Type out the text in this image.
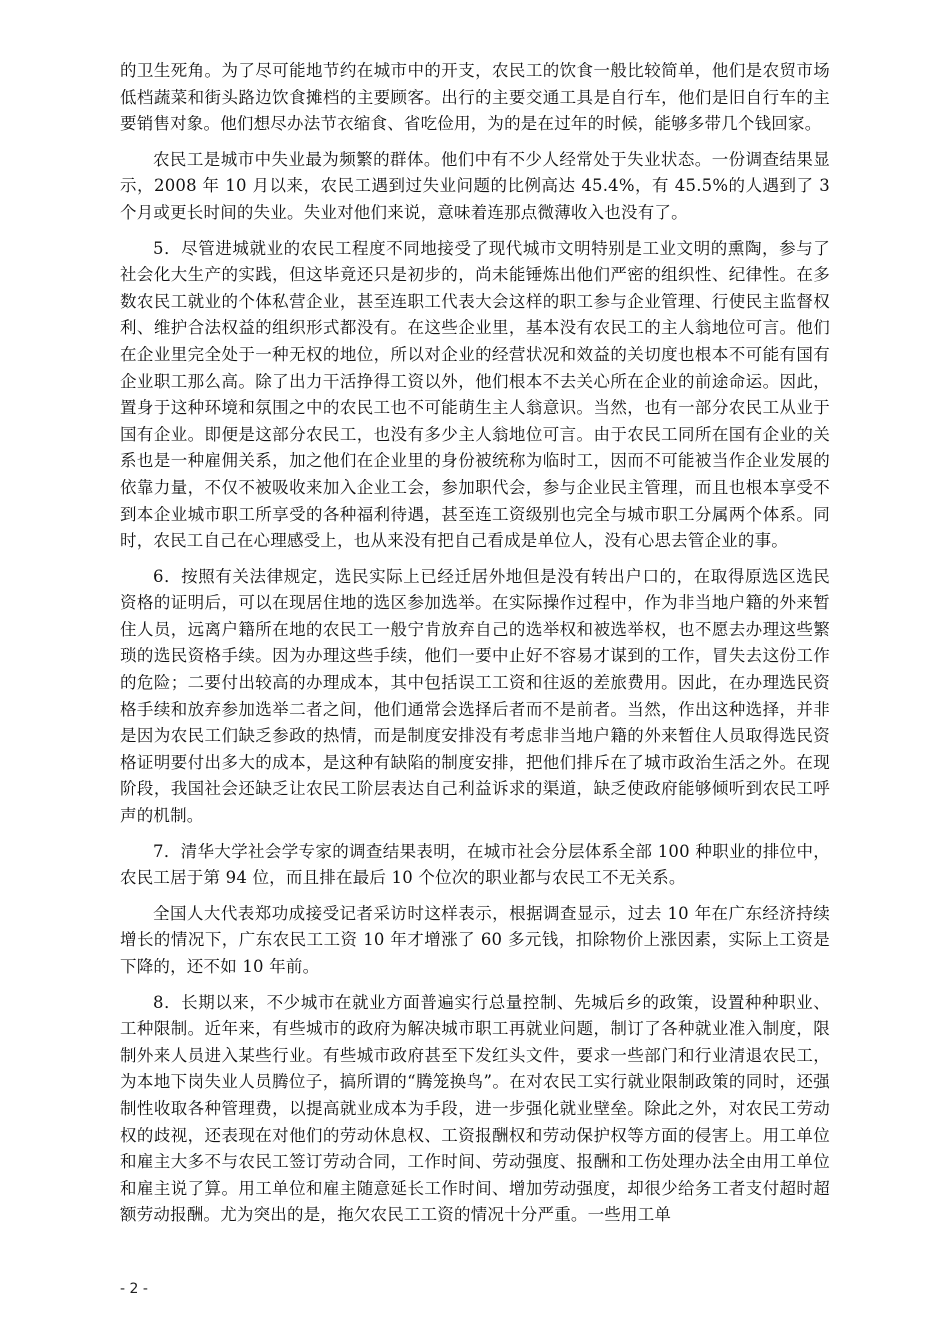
的卫生死角。为了尽可能地节约在城市中的开支，农民工的饮食一般比较简单，他们是农贸市场低档蔬菜和街头路边饮食摊档的主要顾客。出行的主要交通工具是自行车，他们是旧自行车的主要销售对象。他们想尽办法节衣缩食、省吃俭用，为的是在过年的时候，能够多带几个钱回家。

农民工是城市中失业最为频繁的群体。他们中有不少人经常处于失业状态。一份调查结果显示，2008 年 10 月以来，农民工遇到过失业问题的比例高达 45.4%，有 45.5%的人遇到了 3 个月或更长时间的失业。失业对他们来说，意味着连那点微薄收入也没有了。

5．尽管进城就业的农民工程度不同地接受了现代城市文明特别是工业文明的熏陶，参与了社会化大生产的实践，但这毕竟还只是初步的，尚未能锤炼出他们严密的组织性、纪律性。在多数农民工就业的个体私营企业，甚至连职工代表大会这样的职工参与企业管理、行使民主监督权利、维护合法权益的组织形式都没有。在这些企业里，基本没有农民工的主人翁地位可言。他们在企业里完全处于一种无权的地位，所以对企业的经营状况和效益的关切度也根本不可能有国有企业职工那么高。除了出力干活挣得工资以外，他们根本不去关心所在企业的前途命运。因此，置身于这种环境和氛围之中的农民工也不可能萌生主人翁意识。当然，也有一部分农民工从业于国有企业。即便是这部分农民工，也没有多少主人翁地位可言。由于农民工同所在国有企业的关系也是一种雇佣关系，加之他们在企业里的身份被统称为临时工，因而不可能被当作企业发展的依靠力量，不仅不被吸收来加入企业工会，参加职代会，参与企业民主管理，而且也根本享受不到本企业城市职工所享受的各种福利待遇，甚至连工资级别也完全与城市职工分属两个体系。同时，农民工自己在心理感受上，也从来没有把自己看成是单位人，没有心思去管企业的事。

6．按照有关法律规定，选民实际上已经迁居外地但是没有转出户口的，在取得原选区选民资格的证明后，可以在现居住地的选区参加选举。在实际操作过程中，作为非当地户籍的外来暂住人员，远离户籍所在地的农民工一般宁肯放弃自己的选举权和被选举权，也不愿去办理这些繁琐的选民资格手续。因为办理这些手续，他们一要中止好不容易才谋到的工作，冒失去这份工作的危险；二要付出较高的办理成本，其中包括误工工资和往返的差旅费用。因此，在办理选民资格手续和放弃参加选举二者之间，他们通常会选择后者而不是前者。当然，作出这种选择，并非是因为农民工们缺乏参政的热情，而是制度安排没有考虑非当地户籍的外来暂住人员取得选民资格证明要付出多大的成本，是这种有缺陷的制度安排，把他们排斥在了城市政治生活之外。在现阶段，我国社会还缺乏让农民工阶层表达自己利益诉求的渠道，缺乏使政府能够倾听到农民工呼声的机制。

7．清华大学社会学专家的调查结果表明，在城市社会分层体系全部 100 种职业的排位中，农民工居于第 94 位，而且排在最后 10 个位次的职业都与农民工不无关系。

全国人大代表郑功成接受记者采访时这样表示，根据调查显示，过去 10 年在广东经济持续增长的情况下，广东农民工工资 10 年才增涨了 60 多元钱，扣除物价上涨因素，实际上工资是下降的，还不如 10 年前。

8．长期以来，不少城市在就业方面普遍实行总量控制、先城后乡的政策，设置种种职业、工种限制。近年来，有些城市的政府为解决城市职工再就业问题，制订了各种就业准入制度，限制外来人员进入某些行业。有些城市政府甚至下发红头文件，要求一些部门和行业清退农民工，为本地下岗失业人员腾位子，搞所谓的“腾笼换鸟”。在对农民工实行就业限制政策的同时，还强制性收取各种管理费，以提高就业成本为手段，进一步强化就业壁垒。除此之外，对农民工劳动权的歧视，还表现在对他们的劳动休息权、工资报酬权和劳动保护权等方面的侵害上。用工单位和雇主大多不与农民工签订劳动合同，工作时间、劳动强度、报酬和工伤处理办法全由用工单位和雇主说了算。用工单位和雇主随意延长工作时间、增加劳动强度，却很少给务工者支付超时超额劳动报酬。尤为突出的是，拖欠农民工工资的情况十分严重。一些用工单

- 2 -
